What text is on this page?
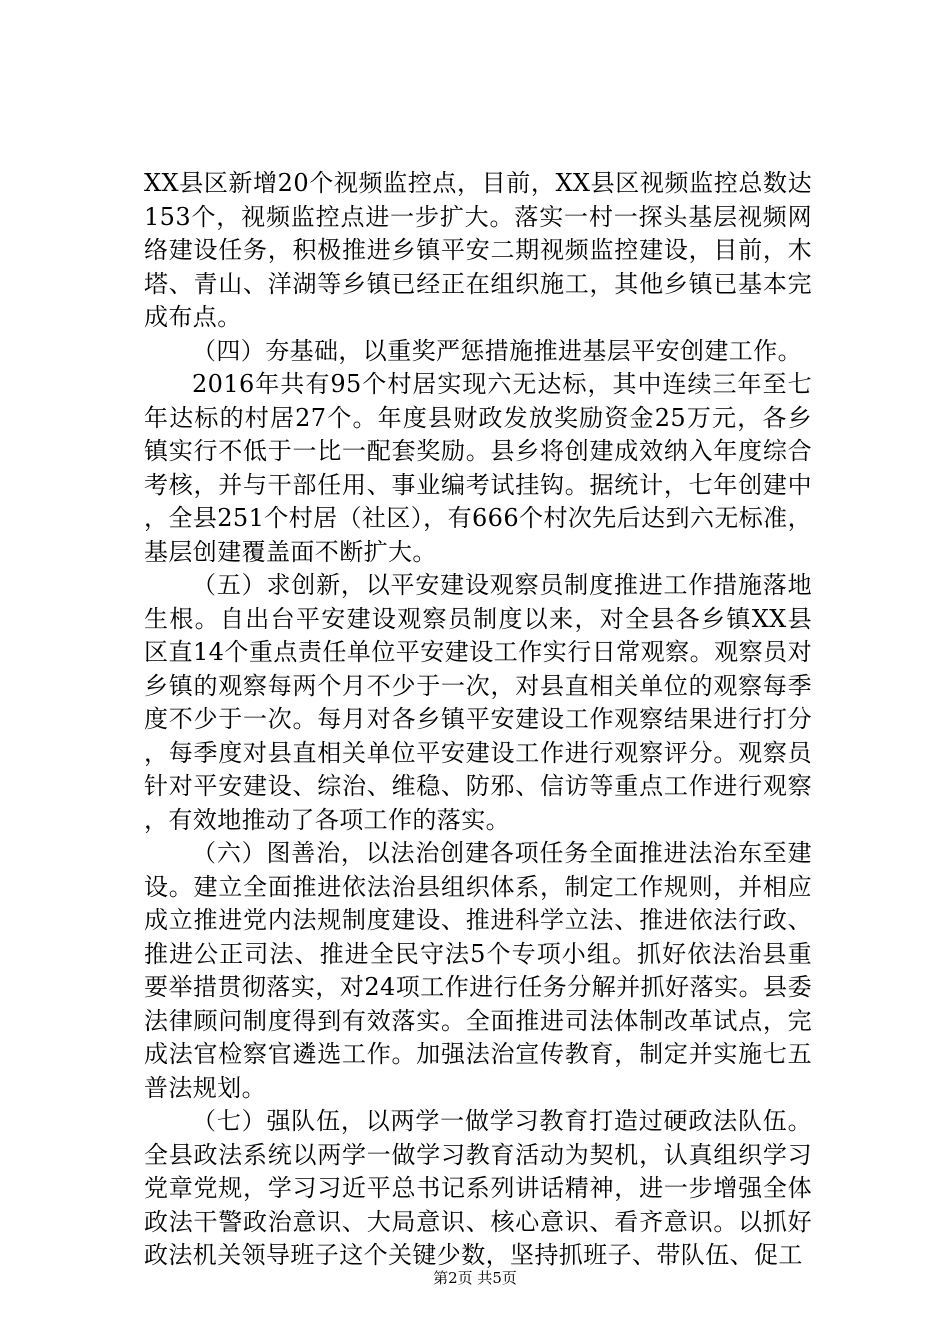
XX县区新增20个视频监控点，目前，XX县区视频监控总数达153个，视频监控点进一步扩大。落实一村一探头基层视频网络建设任务，积极推进乡镇平安二期视频监控建设，目前，木塔、青山、洋湖等乡镇已经正在组织施工，其他乡镇已基本完成布点。

（四）夯基础，以重奖严惩措施推进基层平安创建工作。

2016年共有95个村居实现六无达标，其中连续三年至七年达标的村居27个。年度县财政发放奖励资金25万元，各乡镇实行不低于一比一配套奖励。县乡将创建成效纳入年度综合考核，并与干部任用、事业编考试挂钩。据统计，七年创建中，全县251个村居（社区），有666个村次先后达到六无标准，基层创建覆盖面不断扩大。

（五）求创新，以平安建设观察员制度推进工作措施落地生根。自出台平安建设观察员制度以来，对全县各乡镇XX县区直14个重点责任单位平安建设工作实行日常观察。观察员对乡镇的观察每两个月不少于一次，对县直相关单位的观察每季度不少于一次。每月对各乡镇平安建设工作观察结果进行打分，每季度对县直相关单位平安建设工作进行观察评分。观察员针对平安建设、综治、维稳、防邪、信访等重点工作进行观察，有效地推动了各项工作的落实。

（六）图善治，以法治创建各项任务全面推进法治东至建设。建立全面推进依法治县组织体系，制定工作规则，并相应成立推进党内法规制度建设、推进科学立法、推进依法行政、推进公正司法、推进全民守法5个专项小组。抓好依法治县重要举措贯彻落实，对24项工作进行任务分解并抓好落实。县委法律顾问制度得到有效落实。全面推进司法体制改革试点，完成法官检察官遴选工作。加强法治宣传教育，制定并实施七五普法规划。

（七）强队伍，以两学一做学习教育打造过硬政法队伍。全县政法系统以两学一做学习教育活动为契机，认真组织学习党章党规，学习习近平总书记系列讲话精神，进一步增强全体政法干警政治意识、大局意识、核心意识、看齐意识。以抓好政法机关领导班子这个关键少数，坚持抓班子、带队伍、促工

第2页 共5页
